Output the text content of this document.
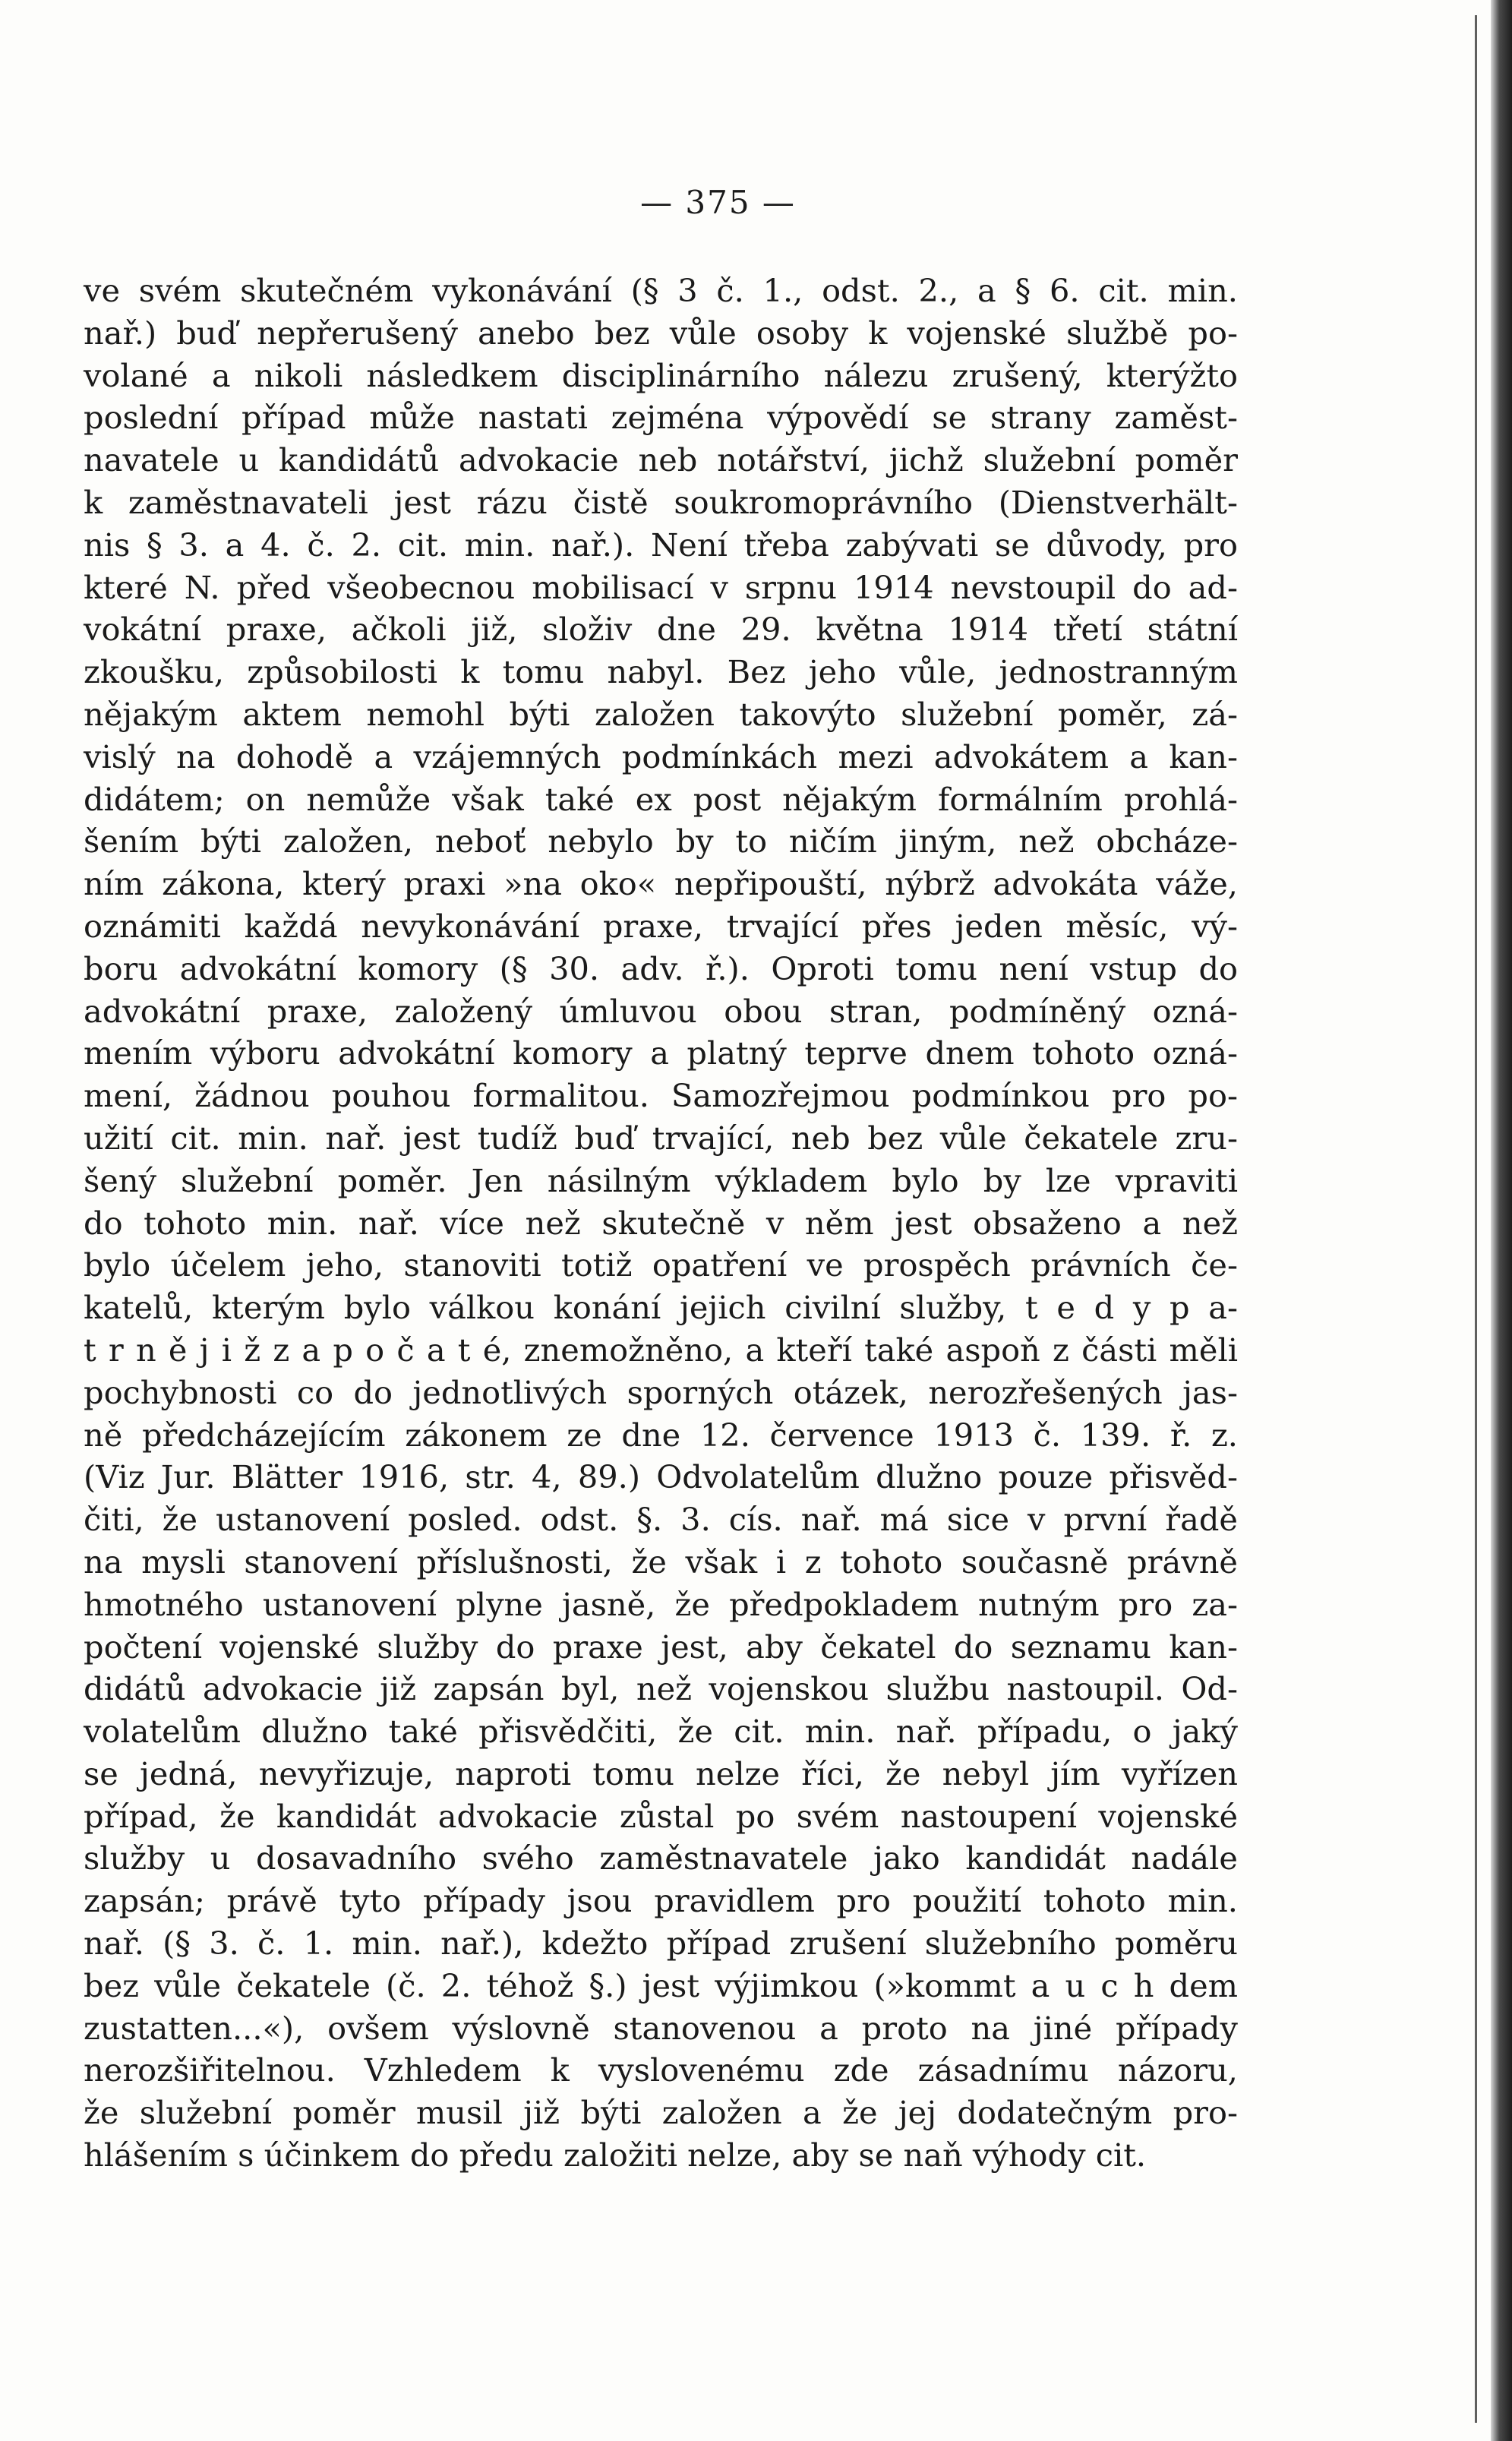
— 375 —
ve svém skutečném vykonávání (§ 3 č. 1., odst. 2., a § 6. cit. min.
nař.) buď nepřerušený anebo bez vůle osoby k vojenské službě po-
volané a nikoli následkem disciplinárního nálezu zrušený, kterýžto
poslední případ může nastati zejména výpovědí se strany zaměst-
navatele u kandidátů advokacie neb notářství, jichž služební poměr
k zaměstnavateli jest rázu čistě soukromoprávního (Dienstverhält-
nis § 3. a 4. č. 2. cit. min. nař.). Není třeba zabývati se důvody, pro
které N. před všeobecnou mobilisací v srpnu 1914 nevstoupil do ad-
vokátní praxe, ačkoli již, složiv dne 29. května 1914 třetí státní
zkoušku, způsobilosti k tomu nabyl. Bez jeho vůle, jednostranným
nějakým aktem nemohl býti založen takovýto služební poměr, zá-
vislý na dohodě a vzájemných podmínkách mezi advokátem a kan-
didátem; on nemůže však také ex post nějakým formálním prohlá-
šením býti založen, neboť nebylo by to ničím jiným, než obcháze-
ním zákona, který praxi »na oko« nepřipouští, nýbrž advokáta váže,
oznámiti každá nevykonávání praxe, trvající přes jeden měsíc, vý-
boru advokátní komory (§ 30. adv. ř.). Oproti tomu není vstup do
advokátní praxe, založený úmluvou obou stran, podmíněný ozná-
mením výboru advokátní komory a platný teprve dnem tohoto ozná-
mení, žádnou pouhou formalitou. Samozřejmou podmínkou pro po-
užití cit. min. nař. jest tudíž buď trvající, neb bez vůle čekatele zru-
šený služební poměr. Jen násilným výkladem bylo by lze vpraviti
do tohoto min. nař. více než skutečně v něm jest obsaženo a než
bylo účelem jeho, stanoviti totiž opatření ve prospěch právních če-
katelů, kterým bylo válkou konání jejich civilní služby, t e d y p a-
t r n ě j i ž z a p o č a t é, znemožněno, a kteří také aspoň z části měli
pochybnosti co do jednotlivých sporných otázek, nerozřešených jas-
ně předcházejícím zákonem ze dne 12. července 1913 č. 139. ř. z.
(Viz Jur. Blätter 1916, str. 4, 89.) Odvolatelům dlužno pouze přisvěd-
čiti, že ustanovení posled. odst. §. 3. cís. nař. má sice v první řadě
na mysli stanovení příslušnosti, že však i z tohoto současně právně
hmotného ustanovení plyne jasně, že předpokladem nutným pro za-
počtení vojenské služby do praxe jest, aby čekatel do seznamu kan-
didátů advokacie již zapsán byl, než vojenskou službu nastoupil. Od-
volatelům dlužno také přisvědčiti, že cit. min. nař. případu, o jaký
se jedná, nevyřizuje, naproti tomu nelze říci, že nebyl jím vyřízen
případ, že kandidát advokacie zůstal po svém nastoupení vojenské
služby u dosavadního svého zaměstnavatele jako kandidát nadále
zapsán; právě tyto případy jsou pravidlem pro použití tohoto min.
nař. (§ 3. č. 1. min. nař.), kdežto případ zrušení služebního poměru
bez vůle čekatele (č. 2. téhož §.) jest výjimkou (»kommt a u c h dem
zustatten...«), ovšem výslovně stanovenou a proto na jiné případy
nerozšiřitelnou. Vzhledem k vyslovenému zde zásadnímu názoru,
že služební poměr musil již býti založen a že jej dodatečným pro-
hlášením s účinkem do předu založiti nelze, aby se naň výhody cit.
